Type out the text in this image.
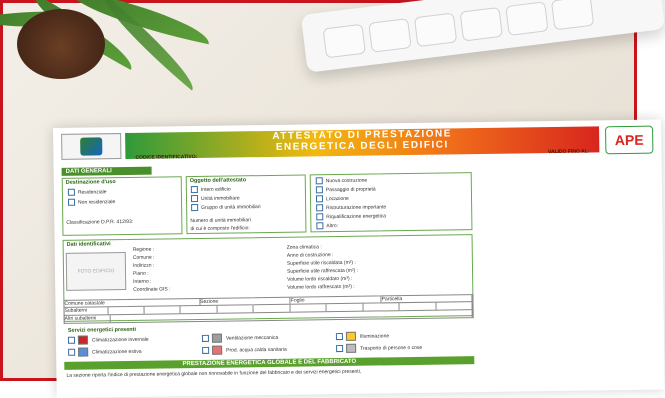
ATTESTATO DI PRESTAZIONE
ENERGETICA DEGLI EDIFICI
CODICE IDENTIFICATIVO:
VALIDO FINO AL:
APE
DATI GENERALI
Destinazione d'uso
Residenziale
Non residenziale
Classificazione D.P.R. 412/93:
Oggetto dell'attestato
Intero edificio
Unità immobiliare
Gruppo di unità immobiliari
Numero di unità immobiliari
di cui è composto l'edificio:
Nuova costruzione
Passaggio di proprietà
Locazione
Ristrutturazione importante
Riqualificazione energetica
Altro:
Dati identificativi
FOTO EDIFICIO
Regione :
Comune :
Indirizzo :
Piano :
Interno :
Coordinate GIS :
Zona climatica :
Anno di costruzione :
Superficie utile riscaldata (m²) :
Superficie utile raffrescata (m²) :
Volume lordo riscaldato (m³) :
Volume lordo raffrescato (m³) :
Comune catastale	Sezione	Foglio	Particella
Subalterni
Altri subalterni
Servizi energetici presenti
Climatizzazione invernale
Climatizzazione estiva
Ventilazione meccanica
Prod. acqua calda sanitaria
Illuminazione
Trasporto di persone o cose
PRESTAZIONE ENERGETICA GLOBALE E DEL FABBRICATO
La sezione riporta l'indice di prestazione energetica globale non rinnovabile in funzione del fabbricato e dei servizi energetici presenti,
